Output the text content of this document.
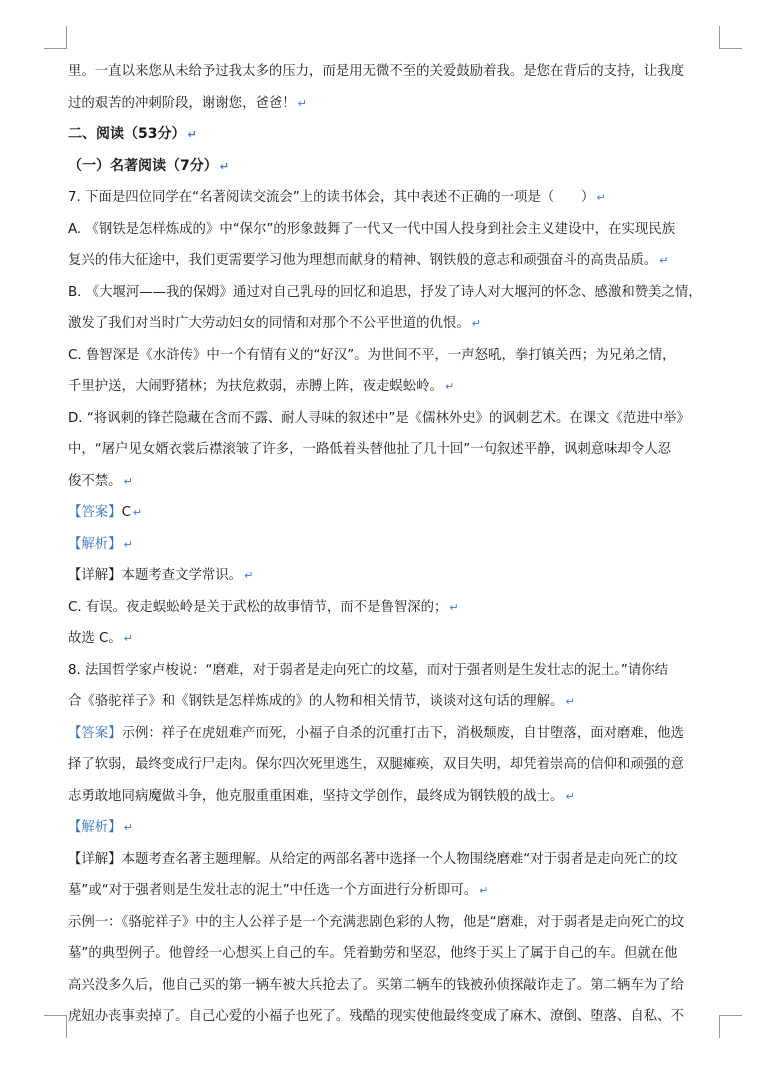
里。一直以来您从未给予过我太多的压力，而是用无微不至的关爱鼓励着我。是您在背后的支持，让我度

过的艰苦的冲刺阶段，谢谢您，爸爸！ ↵

二、阅读（53分） ↵

（一）名著阅读（7分） ↵

7. 下面是四位同学在“名著阅读交流会”上的读书体会，其中表述不正确的一项是（　　） ↵

A. 《钢铁是怎样炼成的》中“保尔”的形象鼓舞了一代又一代中国人投身到社会主义建设中，在实现民族

复兴的伟大征途中，我们更需要学习他为理想而献身的精神、钢铁般的意志和顽强奋斗的高贵品质。 ↵

B. 《大堰河——我的保姆》通过对自己乳母的回忆和追思，抒发了诗人对大堰河的怀念、感激和赞美之情，

激发了我们对当时广大劳动妇女的同情和对那个不公平世道的仇恨。 ↵

C. 鲁智深是《水浒传》中一个有情有义的“好汉”。为世间不平，一声怒吼，拳打镇关西；为兄弟之情，

千里护送，大闹野猪林；为扶危救弱，赤膊上阵，夜走蜈蚣岭。 ↵

D. “将讽刺的锋芒隐藏在含而不露、耐人寻味的叙述中”是《儒林外史》的讽刺艺术。在课文《范进中举》

中，“屠户见女婿衣裳后襟滚皱了许多，一路低着头替他扯了几十回”一句叙述平静，讽刺意味却令人忍

俊不禁。 ↵

【答案】C ↵

【解析】 ↵

【详解】本题考查文学常识。 ↵

C. 有误。夜走蜈蚣岭是关于武松的故事情节，而不是鲁智深的； ↵

故选 C。 ↵

8. 法国哲学家卢梭说：“磨难，对于弱者是走向死亡的坟墓，而对于强者则是生发壮志的泥土。”请你结

合《骆驼祥子》和《钢铁是怎样炼成的》的人物和相关情节，谈谈对这句话的理解。 ↵

【答案】示例：祥子在虎妞难产而死，小福子自杀的沉重打击下，消极颓废，自甘堕落，面对磨难，他选

择了软弱，最终变成行尸走肉。保尔四次死里逃生，双腿瘫痪，双目失明，却凭着崇高的信仰和顽强的意

志勇敢地同病魔做斗争，他克服重重困难，坚持文学创作，最终成为钢铁般的战士。 ↵

【解析】 ↵

【详解】本题考查名著主题理解。从给定的两部名著中选择一个人物围绕磨难“对于弱者是走向死亡的坟

墓”或“对于强者则是生发壮志的泥土”中任选一个方面进行分析即可。 ↵

示例一：《骆驼祥子》中的主人公祥子是一个充满悲剧色彩的人物，他是“磨难，对于弱者是走向死亡的坟

墓”的典型例子。他曾经一心想买上自己的车。凭着勤劳和坚忍，他终于买上了属于自己的车。但就在他

高兴没多久后，他自己买的第一辆车被大兵抢去了。买第二辆车的钱被孙侦探敲诈走了。第二辆车为了给

虎妞办丧事卖掉了。自己心爱的小福子也死了。残酷的现实使他最终变成了麻木、潦倒、堕落、自私、不
